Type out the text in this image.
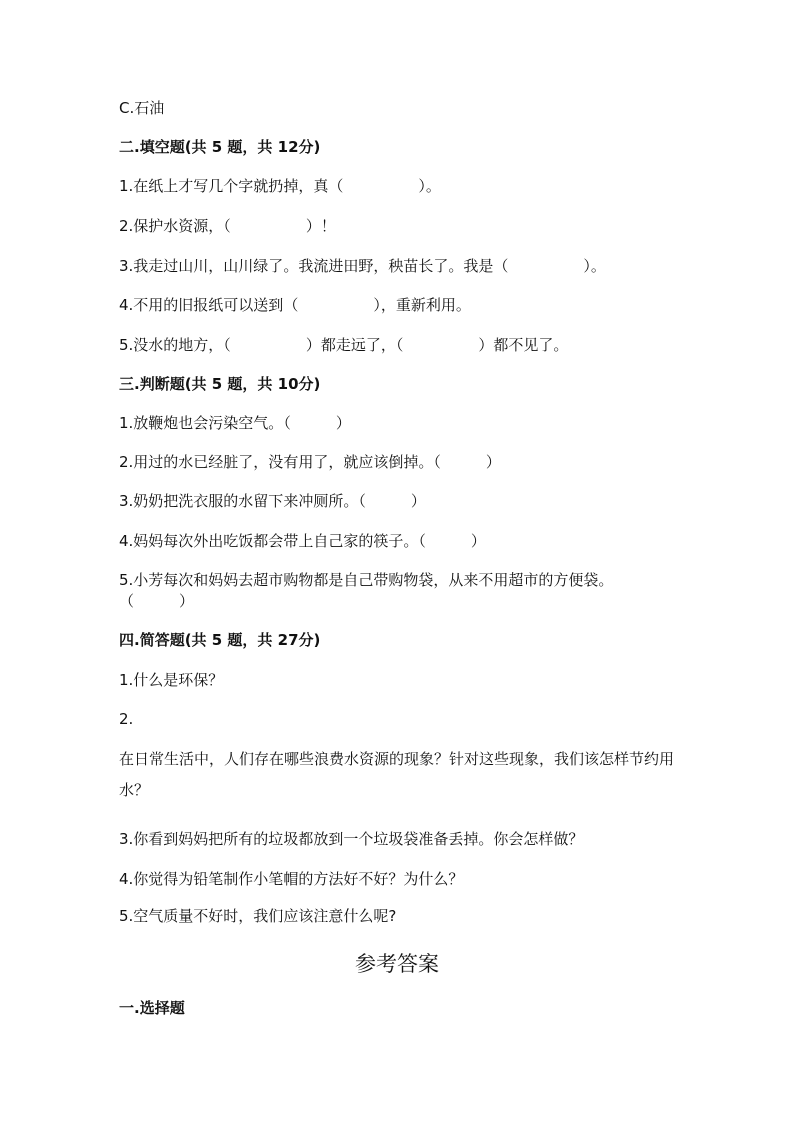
C.石油
二.填空题(共 5 题，共 12分)
1.在纸上才写几个字就扔掉，真（　　　　　）。
2.保护水资源，（　　　　　）！
3.我走过山川，山川绿了。我流进田野，秧苗长了。我是（　　　　　）。
4.不用的旧报纸可以送到（　　　　　），重新利用。
5.没水的地方，（　　　　　）都走远了，（　　　　　）都不见了。
三.判断题(共 5 题，共 10分)
1.放鞭炮也会污染空气。（　　　）
2.用过的水已经脏了，没有用了，就应该倒掉。（　　　）
3.奶奶把洗衣服的水留下来冲厕所。（　　　）
4.妈妈每次外出吃饭都会带上自己家的筷子。（　　　）
5.小芳每次和妈妈去超市购物都是自己带购物袋，从来不用超市的方便袋。
（　　　）
四.简答题(共 5 题，共 27分)
1.什么是环保？
2.
在日常生活中，人们存在哪些浪费水资源的现象？针对这些现象，我们该怎样节约用水？
3.你看到妈妈把所有的垃圾都放到一个垃圾袋准备丢掉。你会怎样做？
4.你觉得为铅笔制作小笔帽的方法好不好？为什么？
5.空气质量不好时，我们应该注意什么呢?
参考答案
一.选择题
